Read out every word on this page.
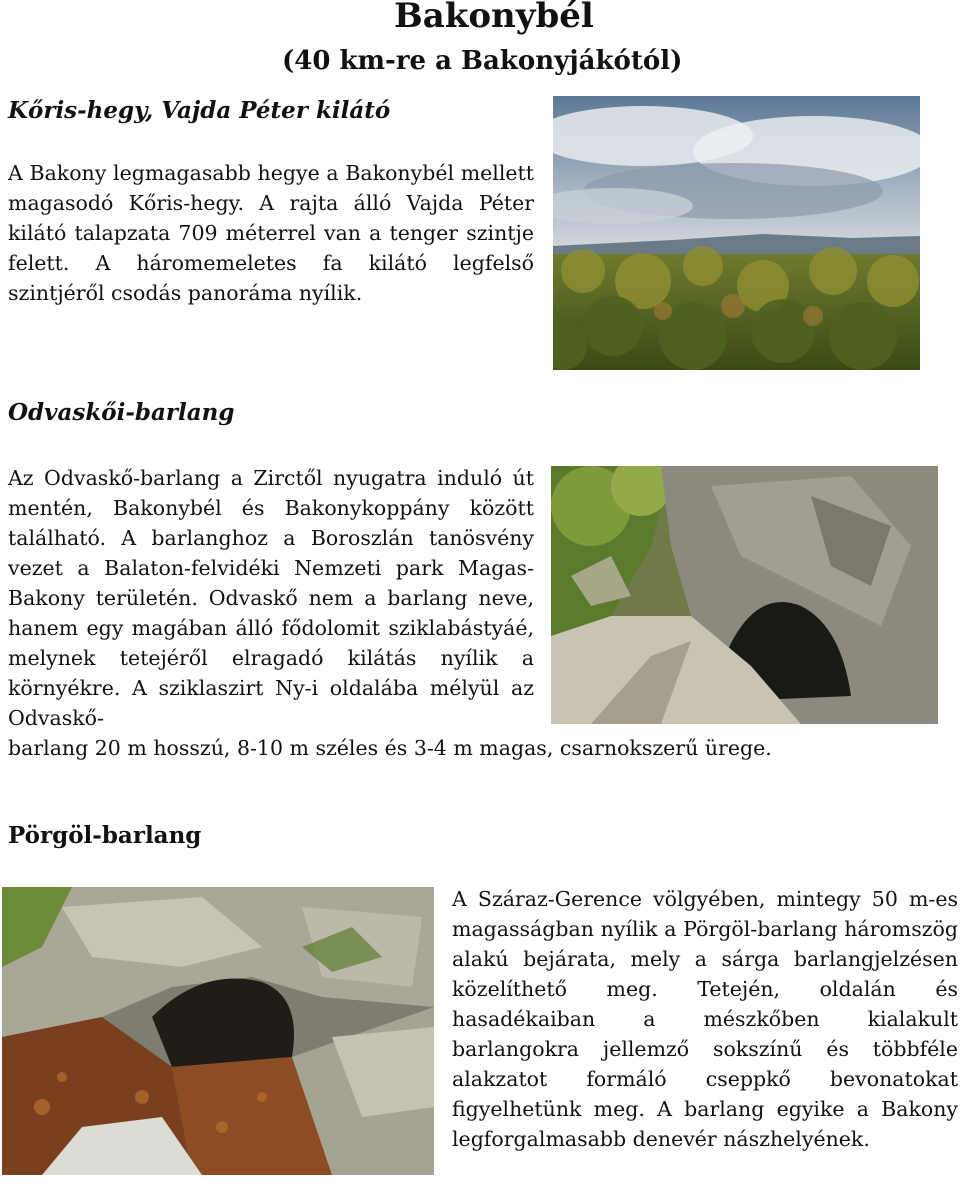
Bakonybél
(40 km-re a Bakonyjákótól)
Kőris-hegy, Vajda Péter kilátó

A Bakony legmagasabb hegye a Bakonybél mellett magasodó Kőris-hegy. A rajta álló Vajda Péter kilátó talapzata 709 méterrel van a tenger szintje felett. A háromemeletes fa kilátó legfelső szintjéről csodás panoráma nyílik.

Odvaskői-barlang

Az Odvaskő-barlang a Zirctől nyugatra induló út mentén, Bakonybél és Bakonykoppány között található. A barlanghoz a Boroszlán tanösvény vezet a Balaton-felvidéki Nemzeti park Magas-Bakony területén. Odvaskő nem a barlang neve, hanem egy magában álló fődolomit sziklabástyáé, melynek tetejéről elragadó kilátás nyílik a környékre. A sziklaszirt Ny-i oldalába mélyül az Odvaskő-

barlang 20 m hosszú, 8-10 m széles és 3-4 m magas, csarnokszerű ürege.

Pörgöl-barlang

A Száraz-Gerence völgyében, mintegy 50 m-es magasságban nyílik a Pörgöl-barlang háromszög alakú bejárata, mely a sárga barlangjelzésen közelíthető meg. Tetején, oldalán és hasadékaiban a mészkőben kialakult barlangokra jellemző sokszínű és többféle alakzatot formáló cseppkő bevonatokat figyelhetünk meg. A barlang egyike a Bakony legforgalmasabb denevér nászhelyének.
